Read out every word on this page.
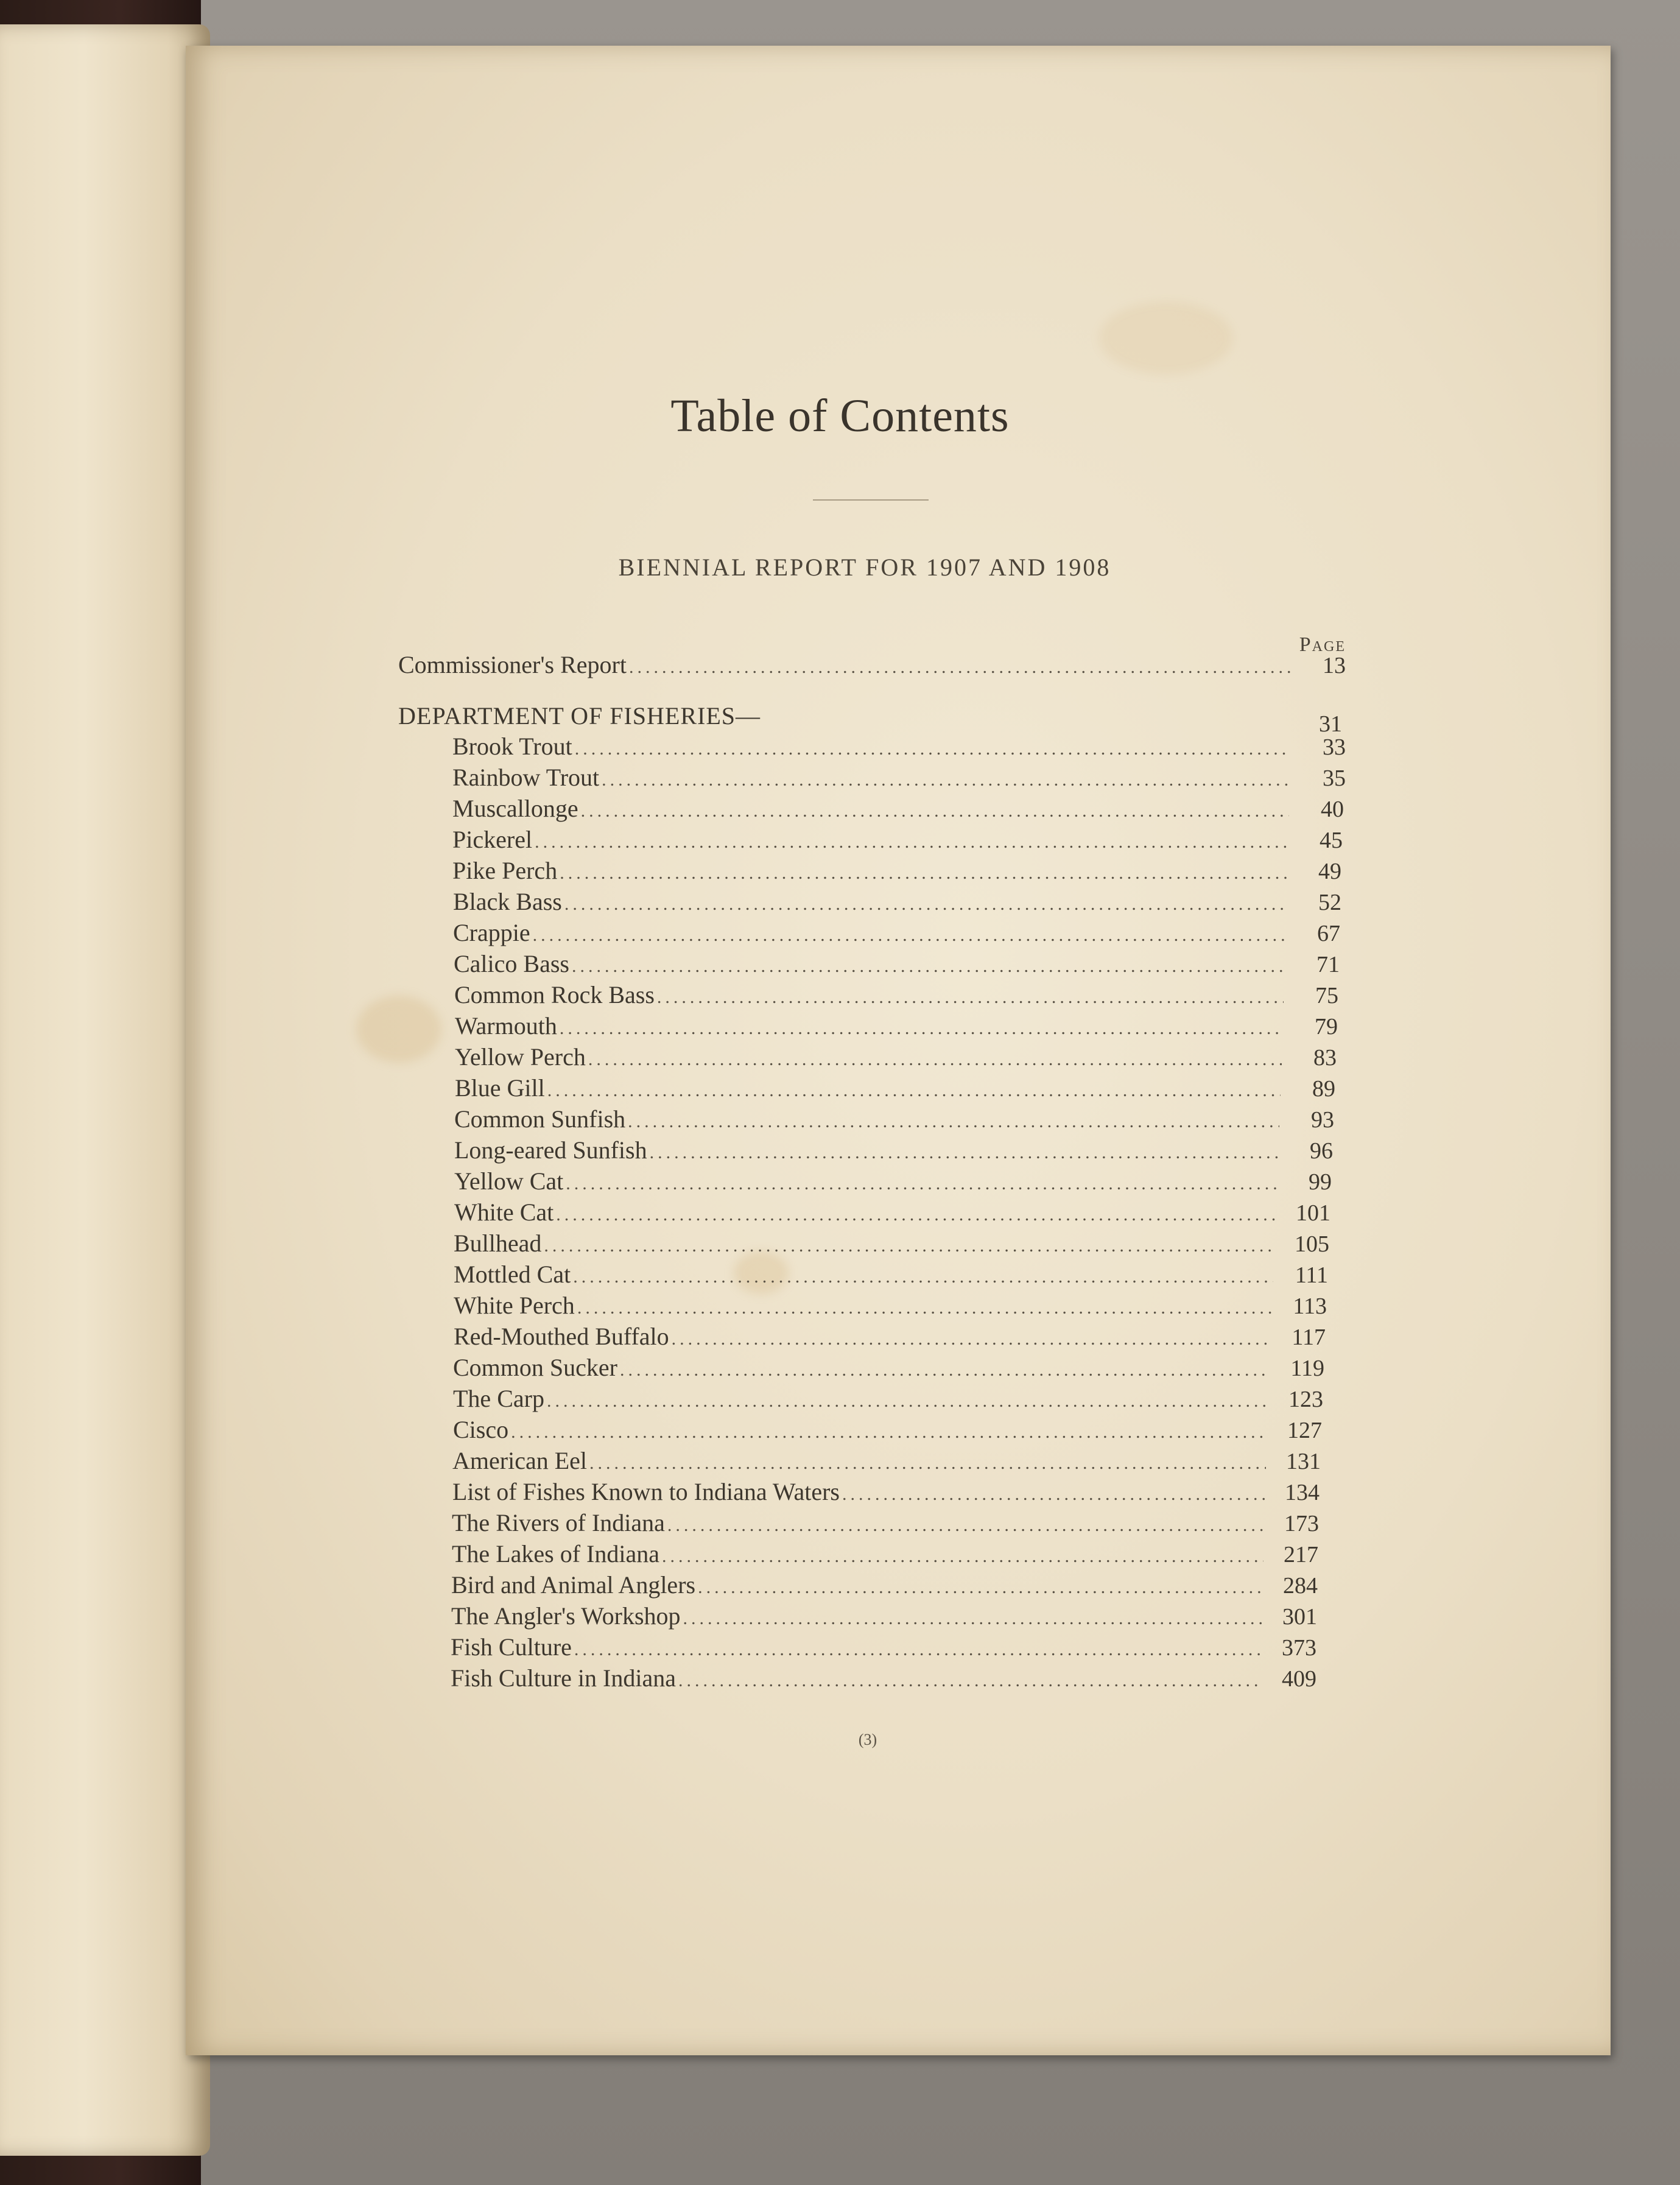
Table of Contents
BIENNIAL REPORT FOR 1907 AND 1908
Page
Commissioner's Report .....	13
DEPARTMENT OF FISHERIES—	31
Brook Trout .....	33
Rainbow Trout .....	35
Muscallonge .....	40
Pickerel .....	45
Pike Perch .....	49
Black Bass .....	52
Crappie .....	67
Calico Bass .....	71
Common Rock Bass .....	75
Warmouth .....	79
Yellow Perch .....	83
Blue Gill .....	89
Common Sunfish .....	93
Long-eared Sunfish .....	96
Yellow Cat .....	99
White Cat .....	101
Bullhead .....	105
Mottled Cat .....	111
White Perch .....	113
Red-Mouthed Buffalo .....	117
Common Sucker .....	119
The Carp .....	123
Cisco .....	127
American Eel .....	131
List of Fishes Known to Indiana Waters .....	134
The Rivers of Indiana .....	173
The Lakes of Indiana .....	217
Bird and Animal Anglers .....	284
The Angler's Workshop .....	301
Fish Culture .....	373
Fish Culture in Indiana .....	409
(3)
